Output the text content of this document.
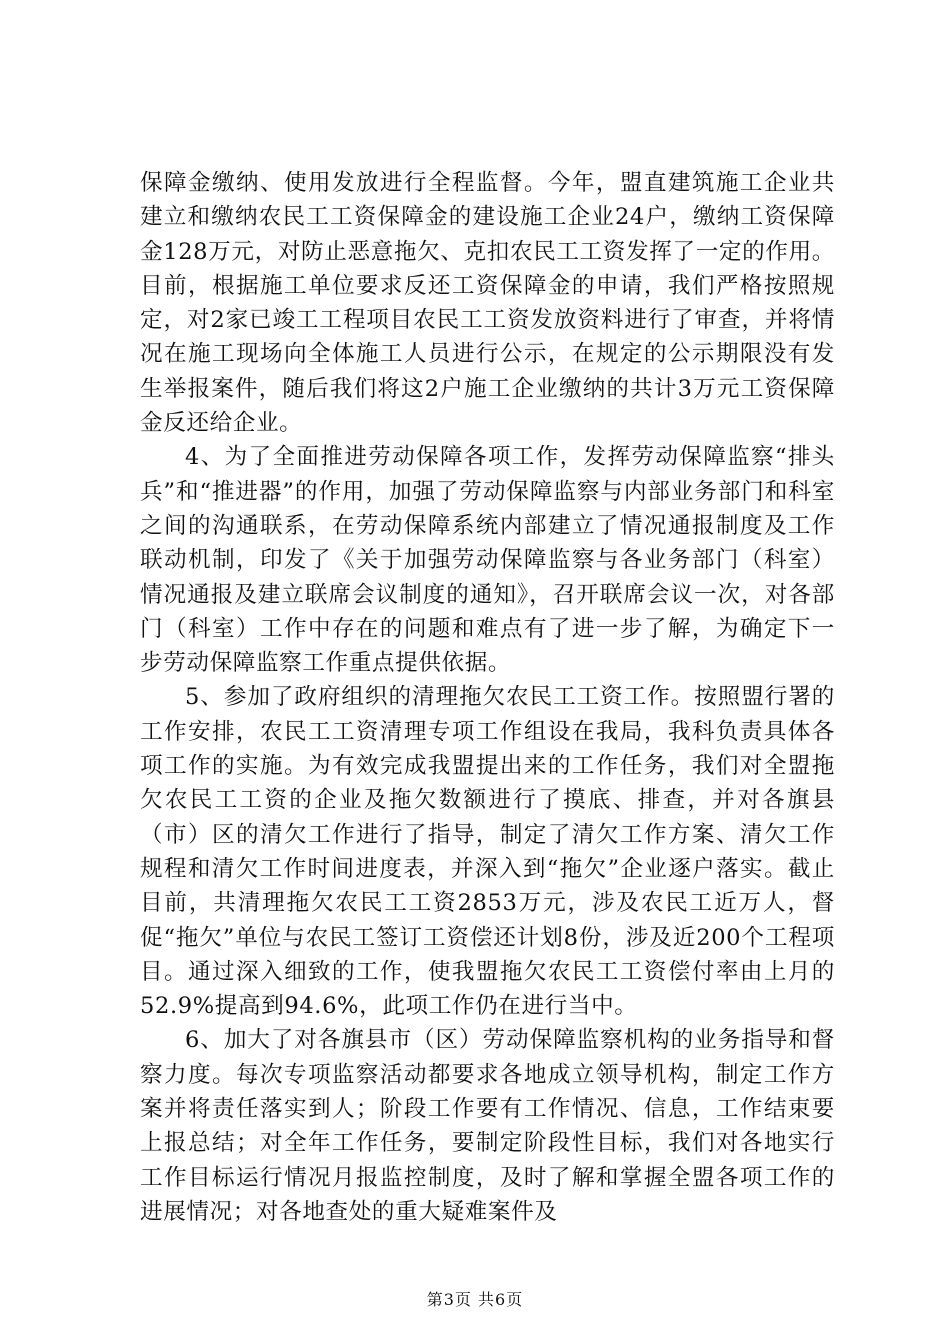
保障金缴纳、使用发放进行全程监督。今年，盟直建筑施工企业共建立和缴纳农民工工资保障金的建设施工企业24户，缴纳工资保障金128万元，对防止恶意拖欠、克扣农民工工资发挥了一定的作用。目前，根据施工单位要求反还工资保障金的申请，我们严格按照规定，对2家已竣工工程项目农民工工资发放资料进行了审查，并将情况在施工现场向全体施工人员进行公示，在规定的公示期限没有发生举报案件，随后我们将这2户施工企业缴纳的共计3万元工资保障金反还给企业。

4、为了全面推进劳动保障各项工作，发挥劳动保障监察“排头兵”和“推进器”的作用，加强了劳动保障监察与内部业务部门和科室之间的沟通联系，在劳动保障系统内部建立了情况通报制度及工作联动机制，印发了《关于加强劳动保障监察与各业务部门（科室）情况通报及建立联席会议制度的通知》，召开联席会议一次，对各部门（科室）工作中存在的问题和难点有了进一步了解，为确定下一步劳动保障监察工作重点提供依据。

5、参加了政府组织的清理拖欠农民工工资工作。按照盟行署的工作安排，农民工工资清理专项工作组设在我局，我科负责具体各项工作的实施。为有效完成我盟提出来的工作任务，我们对全盟拖欠农民工工资的企业及拖欠数额进行了摸底、排查，并对各旗县（市）区的清欠工作进行了指导，制定了清欠工作方案、清欠工作规程和清欠工作时间进度表，并深入到“拖欠”企业逐户落实。截止目前，共清理拖欠农民工工资2853万元，涉及农民工近万人，督促“拖欠”单位与农民工签订工资偿还计划8份，涉及近200个工程项目。通过深入细致的工作，使我盟拖欠农民工工资偿付率由上月的52.9%提高到94.6%，此项工作仍在进行当中。

6、加大了对各旗县市（区）劳动保障监察机构的业务指导和督察力度。每次专项监察活动都要求各地成立领导机构，制定工作方案并将责任落实到人；阶段工作要有工作情况、信息，工作结束要上报总结；对全年工作任务，要制定阶段性目标，我们对各地实行工作目标运行情况月报监控制度，及时了解和掌握全盟各项工作的进展情况；对各地查处的重大疑难案件及

第3页 共6页
